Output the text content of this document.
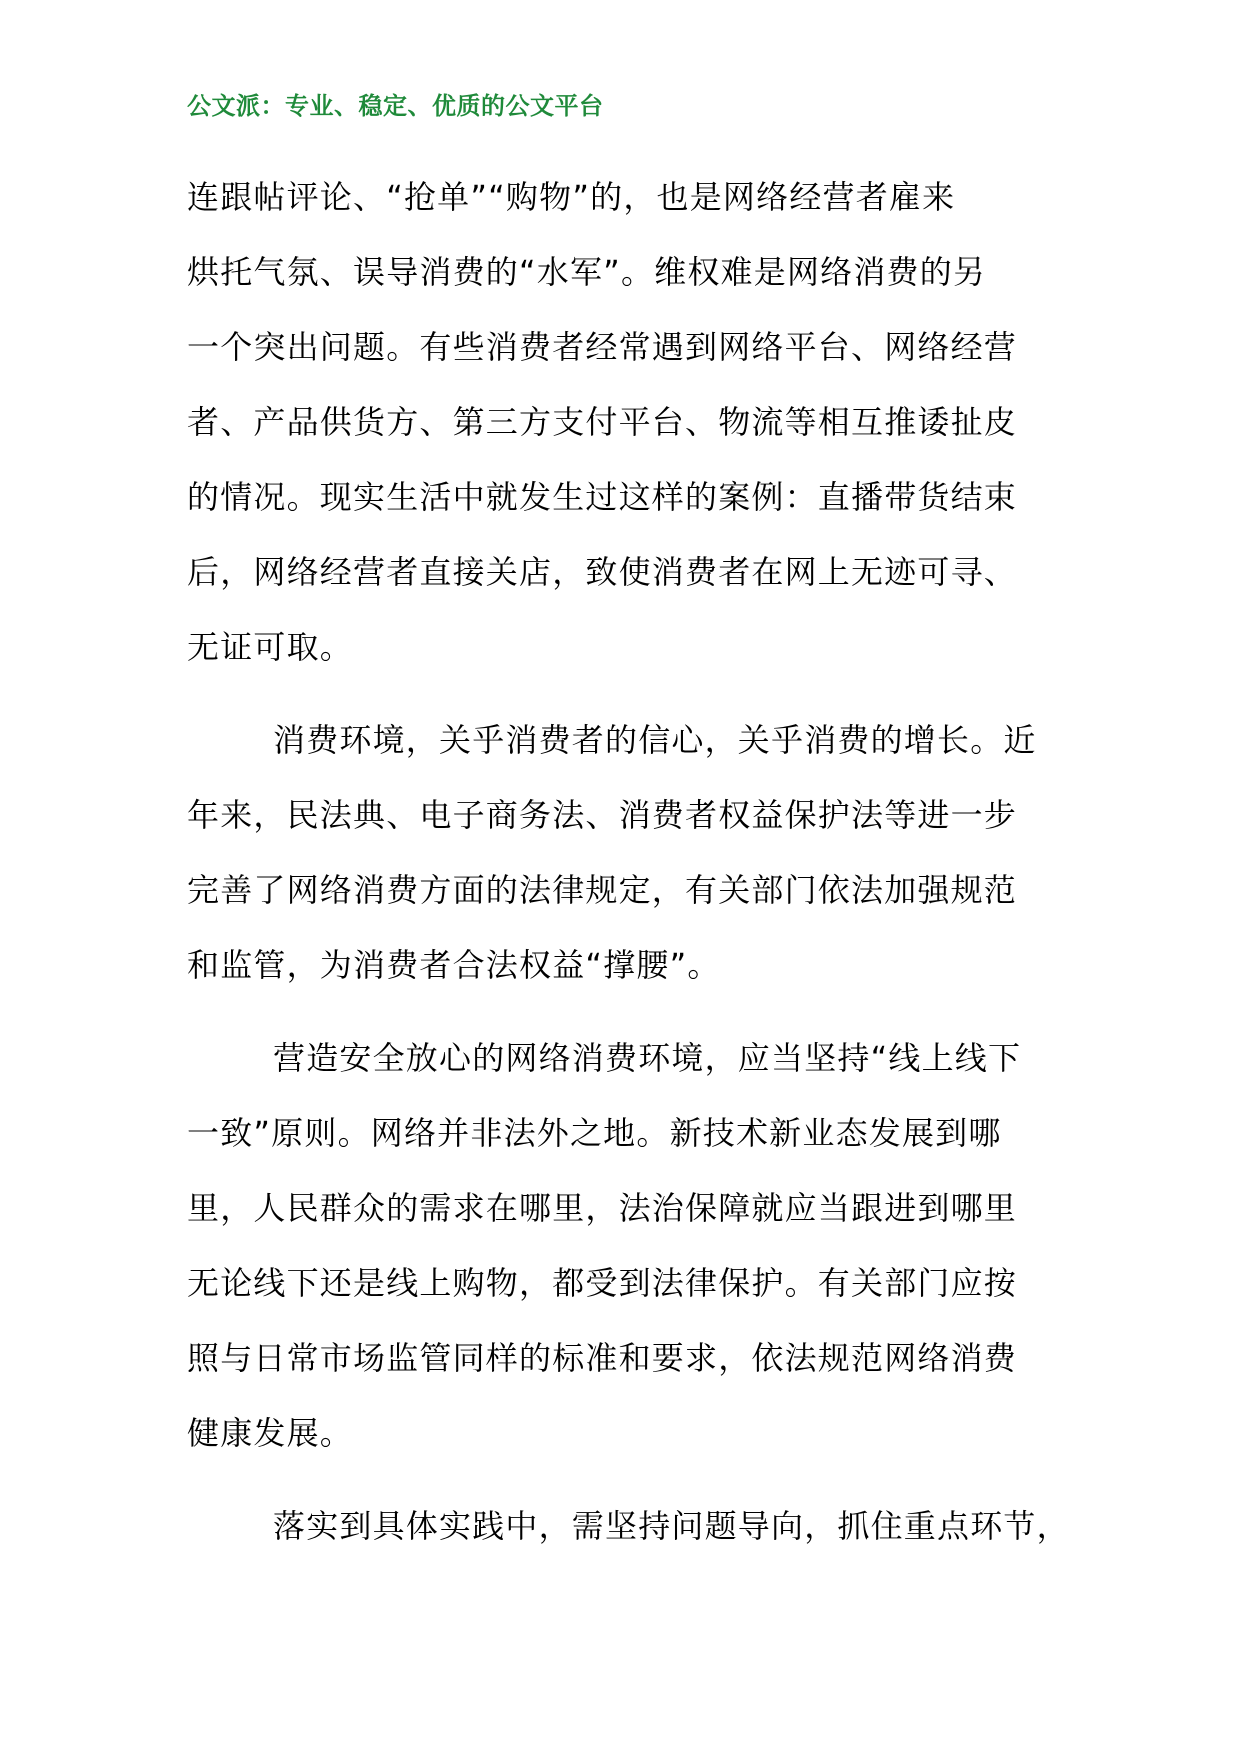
公文派：专业、稳定、优质的公文平台

连跟帖评论、“抢单”“购物”的，也是网络经营者雇来
烘托气氛、误导消费的“水军”。维权难是网络消费的另
一个突出问题。有些消费者经常遇到网络平台、网络经营
者、产品供货方、第三方支付平台、物流等相互推诿扯皮
的情况。现实生活中就发生过这样的案例：直播带货结束
后，网络经营者直接关店，致使消费者在网上无迹可寻、
无证可取。

消费环境，关乎消费者的信心，关乎消费的增长。近
年来，民法典、电子商务法、消费者权益保护法等进一步
完善了网络消费方面的法律规定，有关部门依法加强规范
和监管，为消费者合法权益“撑腰”。

营造安全放心的网络消费环境，应当坚持“线上线下
一致”原则。网络并非法外之地。新技术新业态发展到哪
里，人民群众的需求在哪里，法治保障就应当跟进到哪里
无论线下还是线上购物，都受到法律保护。有关部门应按
照与日常市场监管同样的标准和要求，依法规范网络消费
健康发展。

落实到具体实践中，需坚持问题导向，抓住重点环节，
